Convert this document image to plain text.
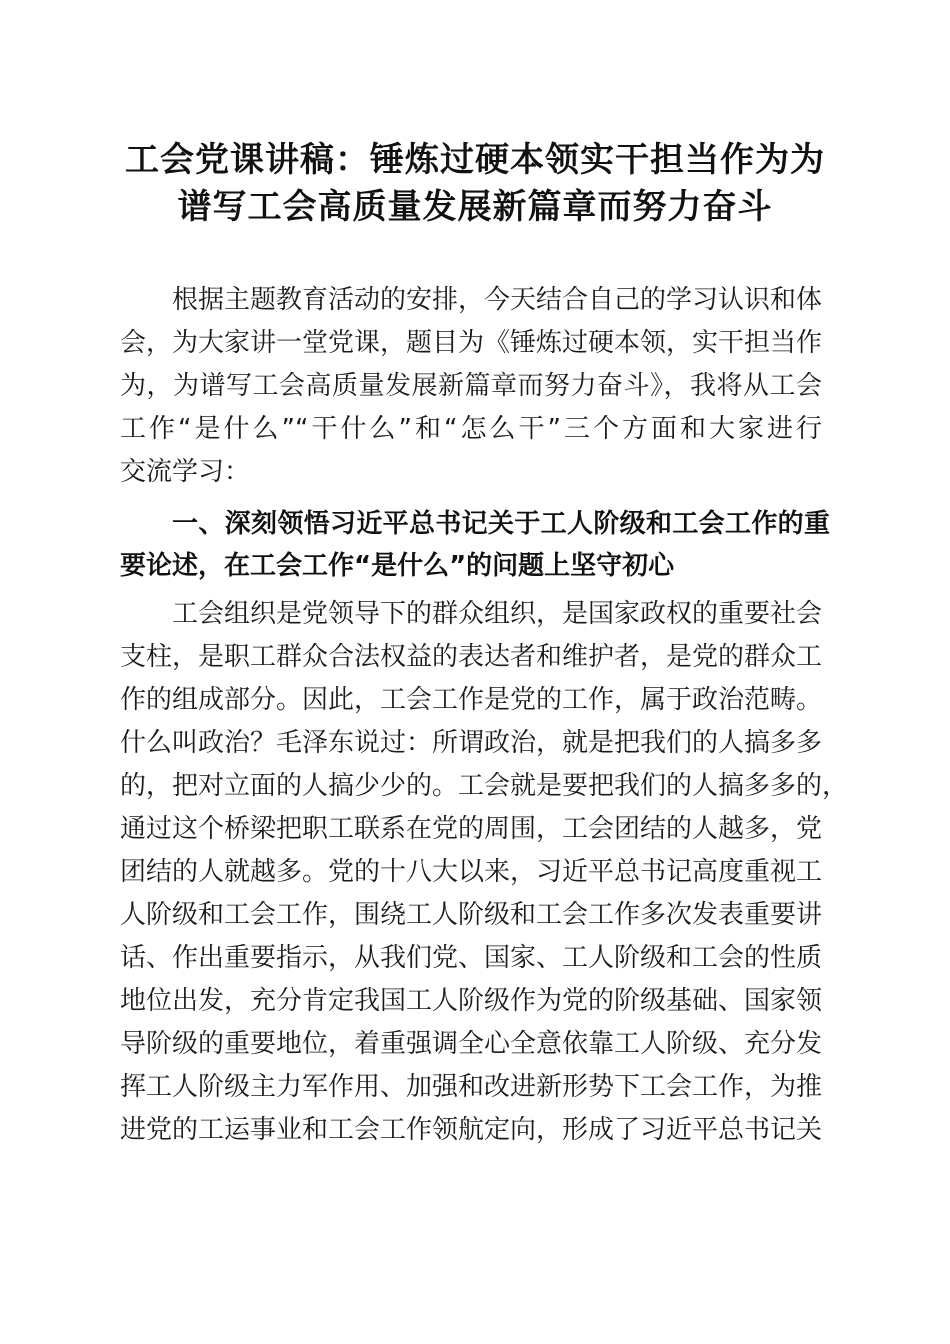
工会党课讲稿：锤炼过硬本领实干担当作为为
谱写工会高质量发展新篇章而努力奋斗
根据主题教育活动的安排，今天结合自己的学习认识和体
会，为大家讲一堂党课，题目为《锤炼过硬本领，实干担当作
为，为谱写工会高质量发展新篇章而努力奋斗》，我将从工会
工作“是什么”“干什么”和“怎么干”三个方面和大家进行
交流学习：
一、深刻领悟习近平总书记关于工人阶级和工会工作的重
要论述，在工会工作“是什么”的问题上坚守初心
工会组织是党领导下的群众组织，是国家政权的重要社会
支柱，是职工群众合法权益的表达者和维护者，是党的群众工
作的组成部分。因此，工会工作是党的工作，属于政治范畴。
什么叫政治？毛泽东说过：所谓政治，就是把我们的人搞多多
的，把对立面的人搞少少的。工会就是要把我们的人搞多多的，
通过这个桥梁把职工联系在党的周围，工会团结的人越多，党
团结的人就越多。党的十八大以来，习近平总书记高度重视工
人阶级和工会工作，围绕工人阶级和工会工作多次发表重要讲
话、作出重要指示，从我们党、国家、工人阶级和工会的性质
地位出发，充分肯定我国工人阶级作为党的阶级基础、国家领
导阶级的重要地位，着重强调全心全意依靠工人阶级、充分发
挥工人阶级主力军作用、加强和改进新形势下工会工作，为推
进党的工运事业和工会工作领航定向，形成了习近平总书记关
